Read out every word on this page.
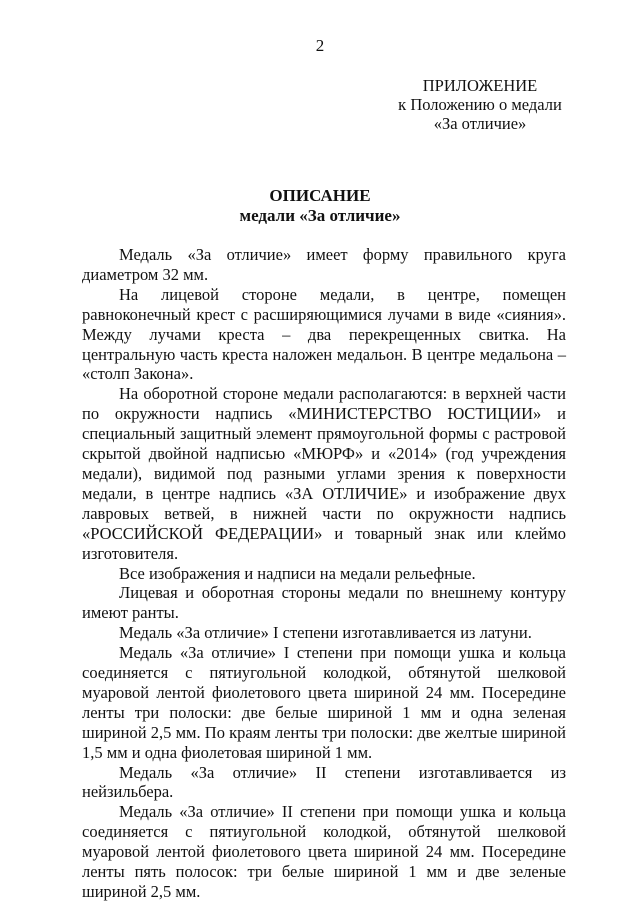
2
ПРИЛОЖЕНИЕ
к Положению о медали
«За отличие»
ОПИСАНИЕ
медали «За отличие»

Медаль «За отличие» имеет форму правильного круга диаметром 32 мм.

На лицевой стороне медали, в центре, помещен равноконечный крест с расширяющимися лучами в виде «сияния». Между лучами креста – два перекрещенных свитка. На центральную часть креста наложен медальон. В центре медальона – «столп Закона».

На оборотной стороне медали располагаются: в верхней части по окружности надпись «МИНИСТЕРСТВО ЮСТИЦИИ» и специальный защитный элемент прямоугольной формы с растровой скрытой двойной надписью «МЮРФ» и «2014» (год учреждения медали), видимой под разными углами зрения к поверхности медали, в центре надпись «ЗА ОТЛИЧИЕ» и изображение двух лавровых ветвей, в нижней части по окружности надпись «РОССИЙСКОЙ ФЕДЕРАЦИИ» и товарный знак или клеймо изготовителя.

Все изображения и надписи на медали рельефные.

Лицевая и оборотная стороны медали по внешнему контуру имеют ранты.

Медаль «За отличие» I степени изготавливается из латуни.

Медаль «За отличие» I степени при помощи ушка и кольца соединяется с пятиугольной колодкой, обтянутой шелковой муаровой лентой фиолетового цвета шириной 24 мм. Посередине ленты три полоски: две белые шириной 1 мм и одна зеленая шириной 2,5 мм. По краям ленты три полоски: две желтые шириной 1,5 мм и одна фиолетовая шириной 1 мм.

Медаль «За отличие» II степени изготавливается из нейзильбера.

Медаль «За отличие» II степени при помощи ушка и кольца соединяется с пятиугольной колодкой, обтянутой шелковой муаровой лентой фиолетового цвета шириной 24 мм. Посередине ленты пять полосок: три белые шириной 1 мм и две зеленые шириной 2,5 мм.
